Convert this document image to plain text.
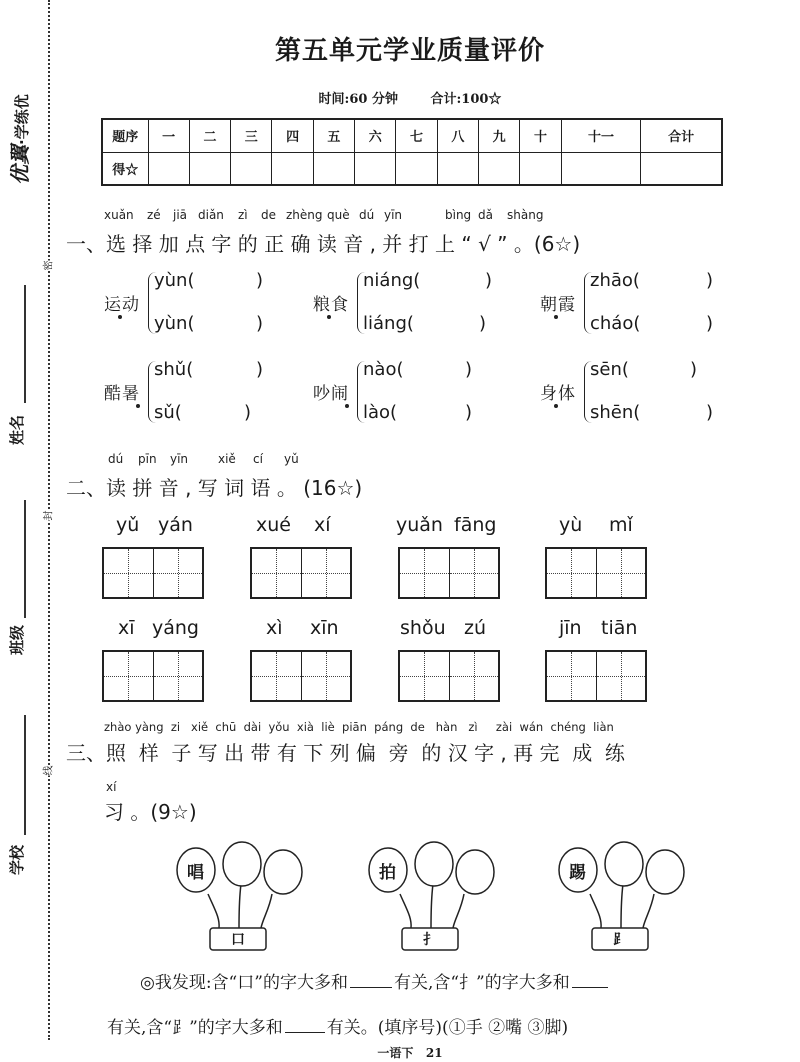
密
封
线
优翼·学练优
姓名
班级
学校
第五单元学业质量评价
时间:60 分钟	合计:100☆
题序	一	二	三	四	五	六	七	八	九	十	十一	合计
得☆												
xuǎn zé jiā diǎn zì de zhèng què dú yīn	bìng dǎ shàng
一、选 择 加 点 字 的 正 确 读 音 , 并 打 上 “ √ ” 。(6☆)
运动
yùn(	)
yùn(	)
粮食
niáng(	)
liáng(	)
朝霞
zhāo(	)
cháo(	)
酷暑
shǔ(	)
sǔ(	)
吵闹
nào(	)
lào(	)
身体
sēn(	)
shēn(	)
dú pīn yīn xiě cí yǔ
二、读 拼 音 , 写 词 语 。 (16☆)
yǔ yán	xué xí	yuǎn fāng	yù mǐ
xī yáng	xì xīn	shǒu zú	jīn tiān
zhào yàng  zi   xiě  chū  dài  yǒu  xià  liè  piān  páng  de   hàn   zì     zài  wán  chéng  liàn
三、照  样  子 写 出 带 有 下 列 偏  旁  的 汉 字 , 再 完  成  练
xí
习 。(9☆)
唱
口
拍
扌
踢
⻊
◎我发现:含“口”的字大多和	有关,含“扌”的字大多和
有关,含“⻊”的字大多和	有关。(填序号)(①手 ②嘴 ③脚)
一语下   21
